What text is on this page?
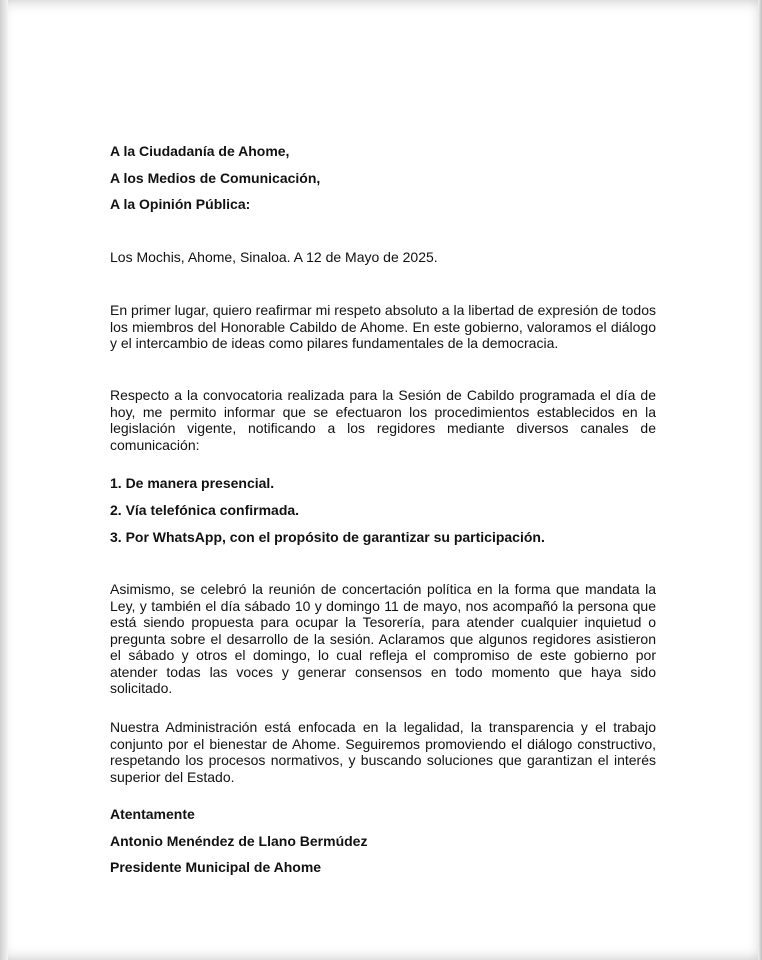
A la Ciudadanía de Ahome,

A los Medios de Comunicación,

A la Opinión Pública:

Los Mochis, Ahome, Sinaloa. A 12 de Mayo de 2025.

En primer lugar, quiero reafirmar mi respeto absoluto a la libertad de expresión de todos los miembros del Honorable Cabildo de Ahome. En este gobierno, valoramos el diálogo y el intercambio de ideas como pilares fundamentales de la democracia.

Respecto a la convocatoria realizada para la Sesión de Cabildo programada el día de hoy, me permito informar que se efectuaron los procedimientos establecidos en la legislación vigente, notificando a los regidores mediante diversos canales de comunicación:

1. De manera presencial.

2. Vía telefónica confirmada.

3. Por WhatsApp, con el propósito de garantizar su participación.

Asimismo, se celebró la reunión de concertación política en la forma que mandata la Ley, y también el día sábado 10 y domingo 11 de mayo, nos acompañó la persona que está siendo propuesta para ocupar la Tesorería, para atender cualquier inquietud o pregunta sobre el desarrollo de la sesión. Aclaramos que algunos regidores asistieron el sábado y otros el domingo, lo cual refleja el compromiso de este gobierno por atender todas las voces y generar consensos en todo momento que haya sido solicitado.

Nuestra Administración está enfocada en la legalidad, la transparencia y el trabajo conjunto por el bienestar de Ahome. Seguiremos promoviendo el diálogo constructivo, respetando los procesos normativos, y buscando soluciones que garantizan el interés superior del Estado.

Atentamente

Antonio Menéndez de Llano Bermúdez

Presidente Municipal de Ahome
